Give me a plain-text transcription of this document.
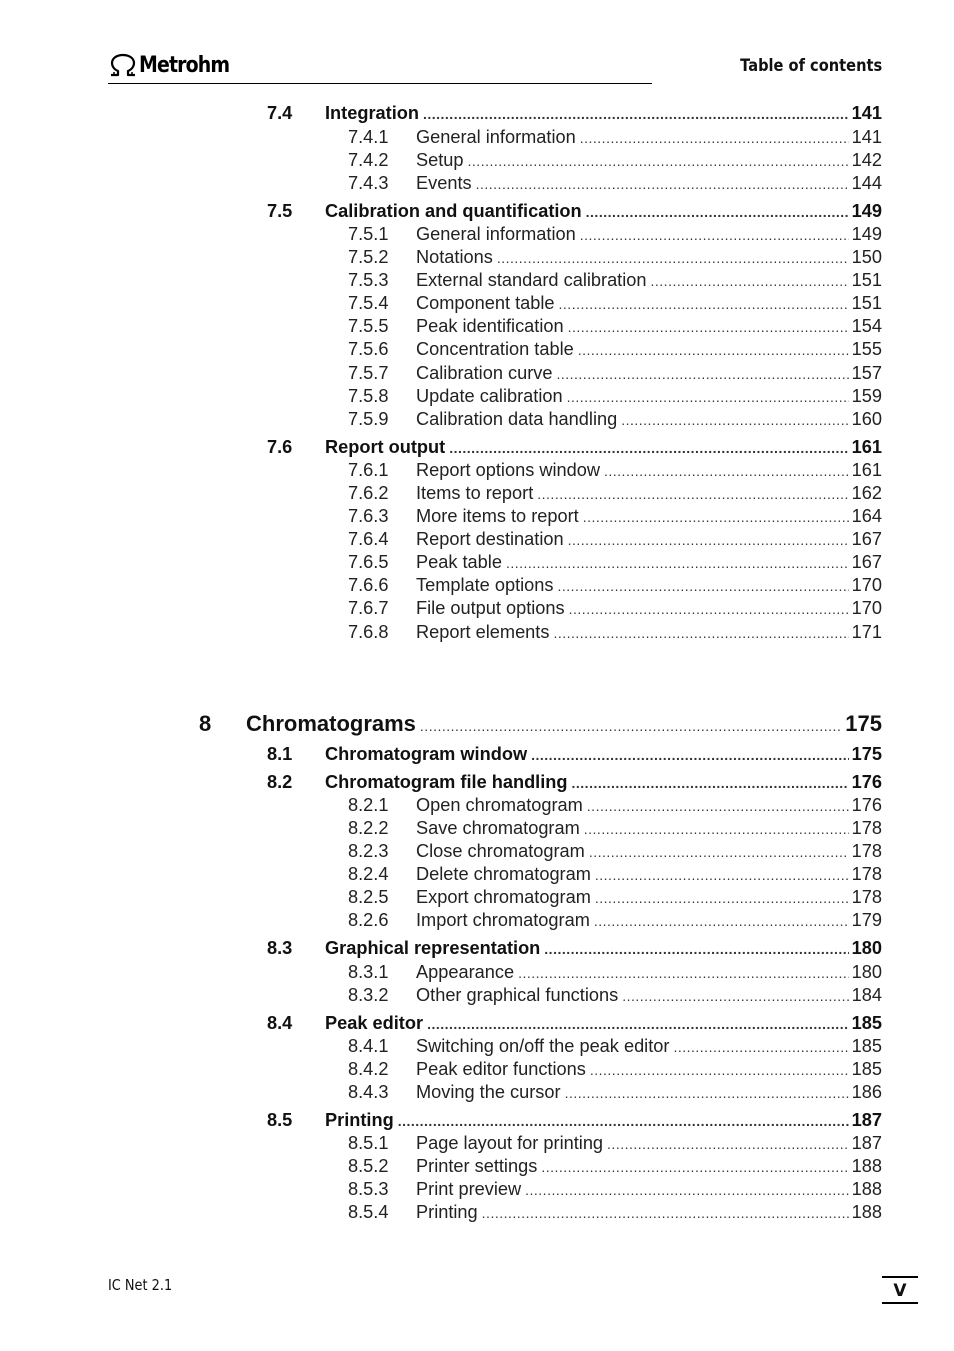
Metrohm	Table of contents
7.4 Integration .....	141
7.4.1 General information .....	141
7.4.2 Setup .....	142
7.4.3 Events .....	144
7.5 Calibration and quantification .....	149
7.5.1 General information .....	149
7.5.2 Notations .....	150
7.5.3 External standard calibration .....	151
7.5.4 Component table .....	151
7.5.5 Peak identification .....	154
7.5.6 Concentration table .....	155
7.5.7 Calibration curve .....	157
7.5.8 Update calibration .....	159
7.5.9 Calibration data handling .....	160
7.6 Report output .....	161
7.6.1 Report options window .....	161
7.6.2 Items to report .....	162
7.6.3 More items to report .....	164
7.6.4 Report destination .....	167
7.6.5 Peak table .....	167
7.6.6 Template options .....	170
7.6.7 File output options .....	170
7.6.8 Report elements .....	171
8 Chromatograms .....	175
8.1 Chromatogram window .....	175
8.2 Chromatogram file handling .....	176
8.2.1 Open chromatogram .....	176
8.2.2 Save chromatogram .....	178
8.2.3 Close chromatogram .....	178
8.2.4 Delete chromatogram .....	178
8.2.5 Export chromatogram .....	178
8.2.6 Import chromatogram .....	179
8.3 Graphical representation .....	180
8.3.1 Appearance .....	180
8.3.2 Other graphical functions .....	184
8.4 Peak editor .....	185
8.4.1 Switching on/off the peak editor .....	185
8.4.2 Peak editor functions .....	185
8.4.3 Moving the cursor .....	186
8.5 Printing .....	187
8.5.1 Page layout for printing .....	187
8.5.2 Printer settings .....	188
8.5.3 Print preview .....	188
8.5.4 Printing .....	188
IC Net 2.1	V
